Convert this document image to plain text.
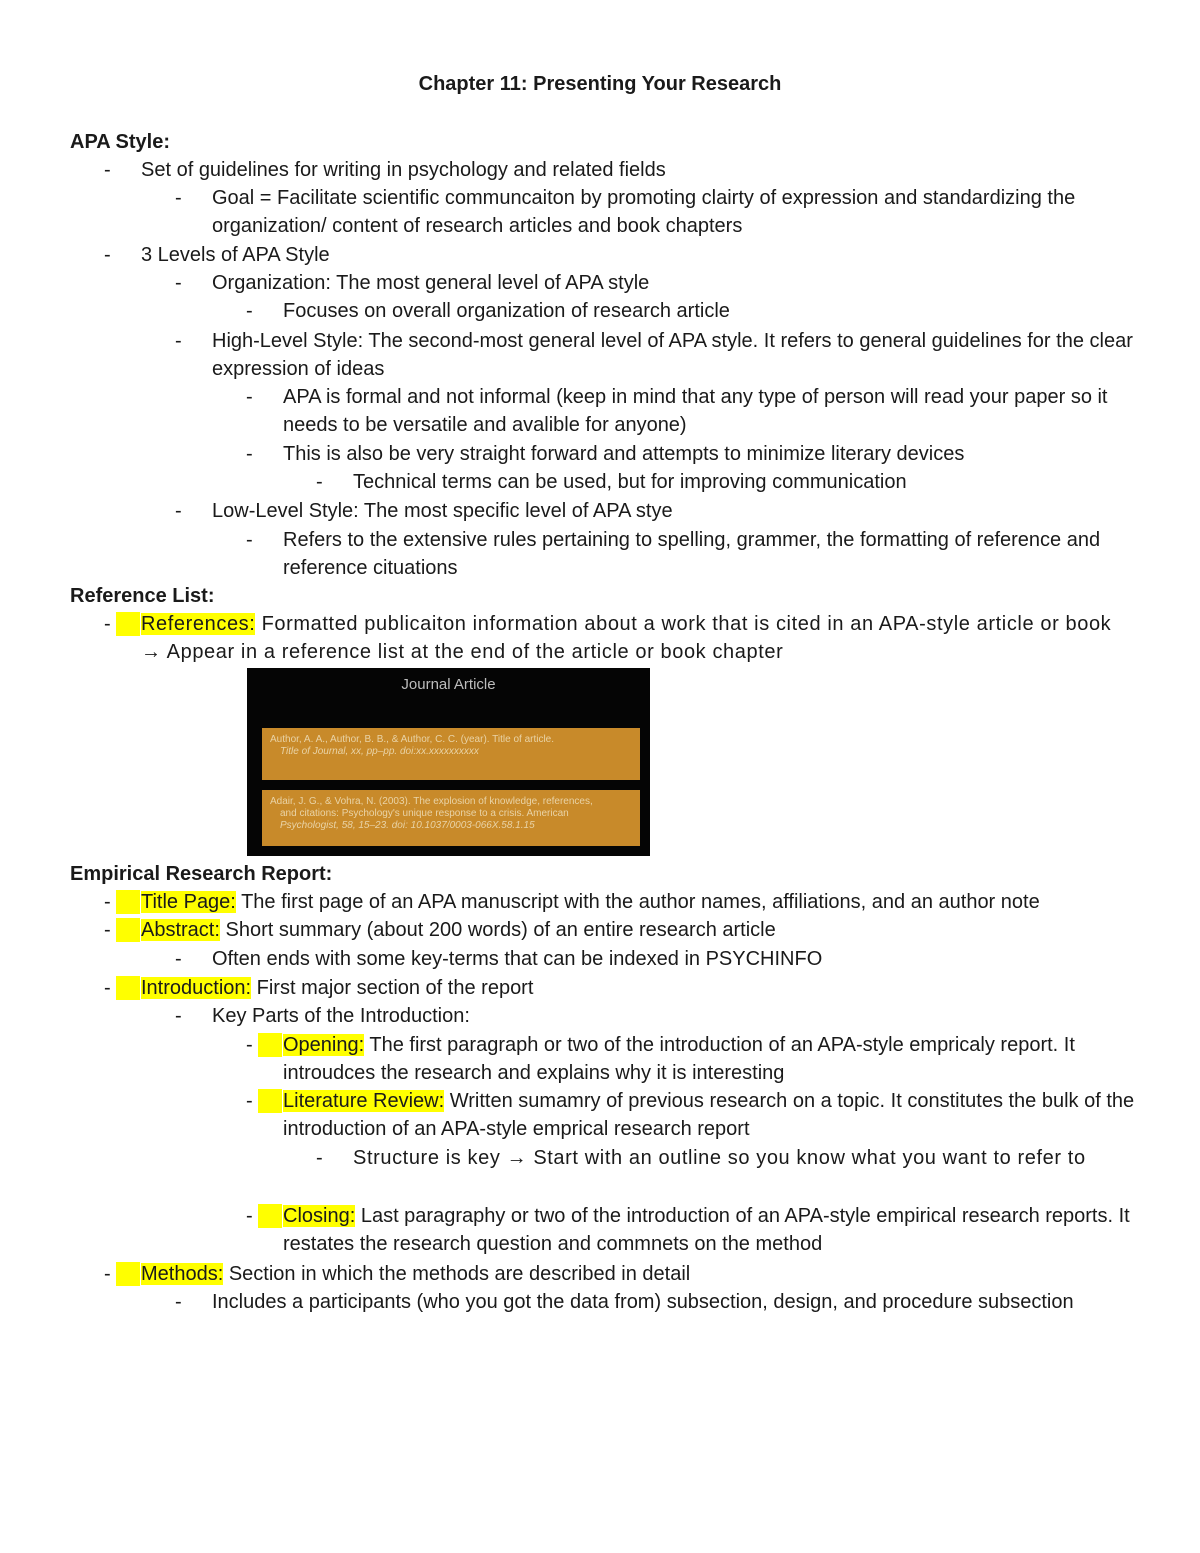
Chapter 11: Presenting Your Research
APA Style:
- Set of guidelines for writing in psychology and related fields
- Goal = Facilitate scientific communcaiton by promoting clairty of expression and standardizing the organization/ content of research articles and book chapters
- 3 Levels of APA Style
- Organization: The most general level of APA style
- Focuses on overall organization of research article
- High-Level Style: The second-most general level of APA style. It refers to general guidelines for the clear expression of ideas
- APA is formal and not informal (keep in mind that any type of person will read your paper so it needs to be versatile and avalible for anyone)
- This is also be very straight forward and attempts to minimize literary devices
- Technical terms can be used, but for improving communication
- Low-Level Style: The most specific level of APA stye
- Refers to the extensive rules pertaining to spelling, grammer, the formatting of reference and reference cituations
Reference List:
- References: Formatted publicaiton information about a work that is cited in an APA-style article or book → Appear in a reference list at the end of the article or book chapter
Journal Article
Author, A. A., Author, B. B., & Author, C. C. (year). Title of article.
Title of Journal, xx, pp–pp. doi:xx.xxxxxxxxxx
Adair, J. G., & Vohra, N. (2003). The explosion of knowledge, references,
and citations: Psychology's unique response to a crisis. American
Psychologist, 58, 15–23. doi: 10.1037/0003-066X.58.1.15
Empirical Research Report:
- Title Page: The first page of an APA manuscript with the author names, affiliations, and an author note
- Abstract: Short summary (about 200 words) of an entire research article
- Often ends with some key-terms that can be indexed in PSYCHINFO
- Introduction: First major section of the report
- Key Parts of the Introduction:
- Opening: The first paragraph or two of the introduction of an APA-style empricaly report. It introudces the research and explains why it is interesting
- Literature Review: Written sumamry of previous research on a topic. It constitutes the bulk of the introduction of an APA-style emprical research report
- Structure is key → Start with an outline so you know what you want to refer to
- Closing: Last paragraphy or two of the introduction of an APA-style empirical research reports. It restates the research question and commnets on the method
- Methods: Section in which the methods are described in detail
- Includes a participants (who you got the data from) subsection, design, and procedure subsection
